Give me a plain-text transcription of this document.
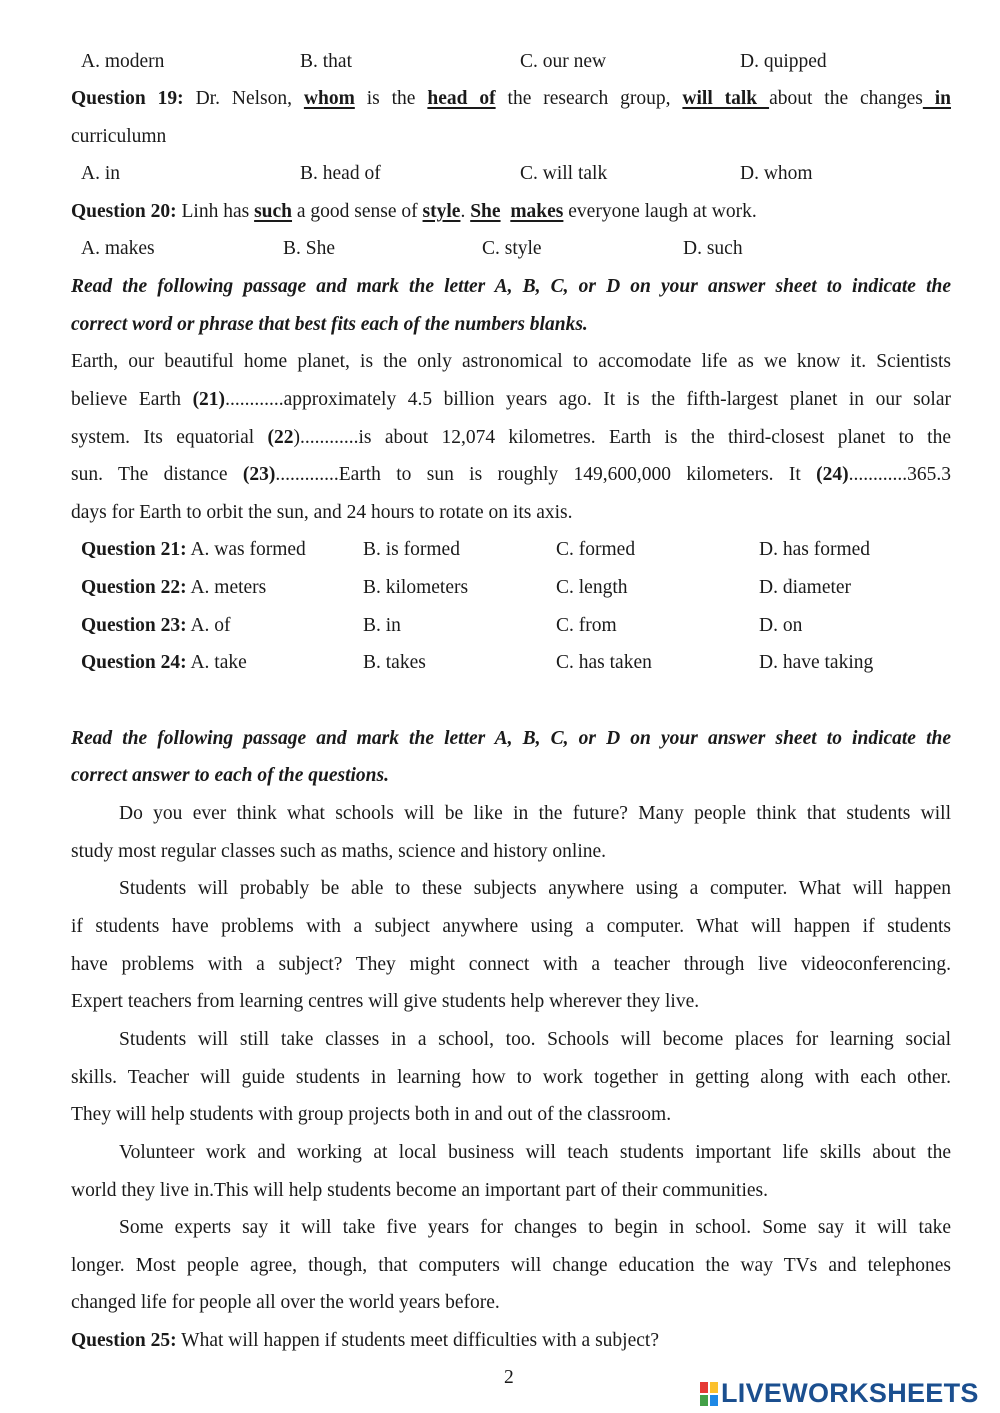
A. modern	B. that	C. our new	D. quipped
Question 19: Dr. Nelson, whom is the head of the research group, will talk about the changes in
curriculumn
A. in	B. head of	C. will talk	D. whom
Question 20: Linh has such a good sense of style. She makes everyone laugh at work.
A. makes	B. She	C. style	D. such
Read the following passage and mark the letter A, B, C, or D on your answer sheet to indicate the
correct word or phrase that best fits each of the numbers blanks.
Earth, our beautiful home planet, is the only astronomical to accomodate life as we know it. Scientists
believe Earth (21)............approximately 4.5 billion years ago. It is the fifth-largest planet in our solar
system. Its equatorial (22)............is about 12,074 kilometres. Earth is the third-closest planet to the
sun. The distance (23).............Earth to sun is roughly 149,600,000 kilometers. It (24)............365.3
days for Earth to orbit the sun, and 24 hours to rotate on its axis.
Question 21: A. was formed	B. is formed	C. formed	D. has formed
Question 22: A. meters	B. kilometers	C. length	D. diameter
Question 23: A. of	B. in	C. from	D. on
Question 24: A. take	B. takes	C. has taken	D. have taking
Read the following passage and mark the letter A, B, C, or D on your answer sheet to indicate the
correct answer to each of the questions.
Do you ever think what schools will be like in the future? Many people think that students will
study most regular classes such as maths, science and history online.
Students will probably be able to these subjects anywhere using a computer. What will happen
if students have problems with a subject anywhere using a computer. What will happen if students
have problems with a subject? They might connect with a teacher through live videoconferencing.
Expert teachers from learning centres will give students help wherever they live.
Students will still take classes in a school, too. Schools will become places for learning social
skills. Teacher will guide students in learning how to work together in getting along with each other.
They will help students with group projects both in and out of the classroom.
Volunteer work and working at local business will teach students important life skills about the
world they live in.This will help students become an important part of their communities.
Some experts say it will take five years for changes to begin in school. Some say it will take
longer. Most people agree, though, that computers will change education the way TVs and telephones
changed life for people all over the world years before.
Question 25: What will happen if students meet difficulties with a subject?
2
LIVEWORKSHEETS
